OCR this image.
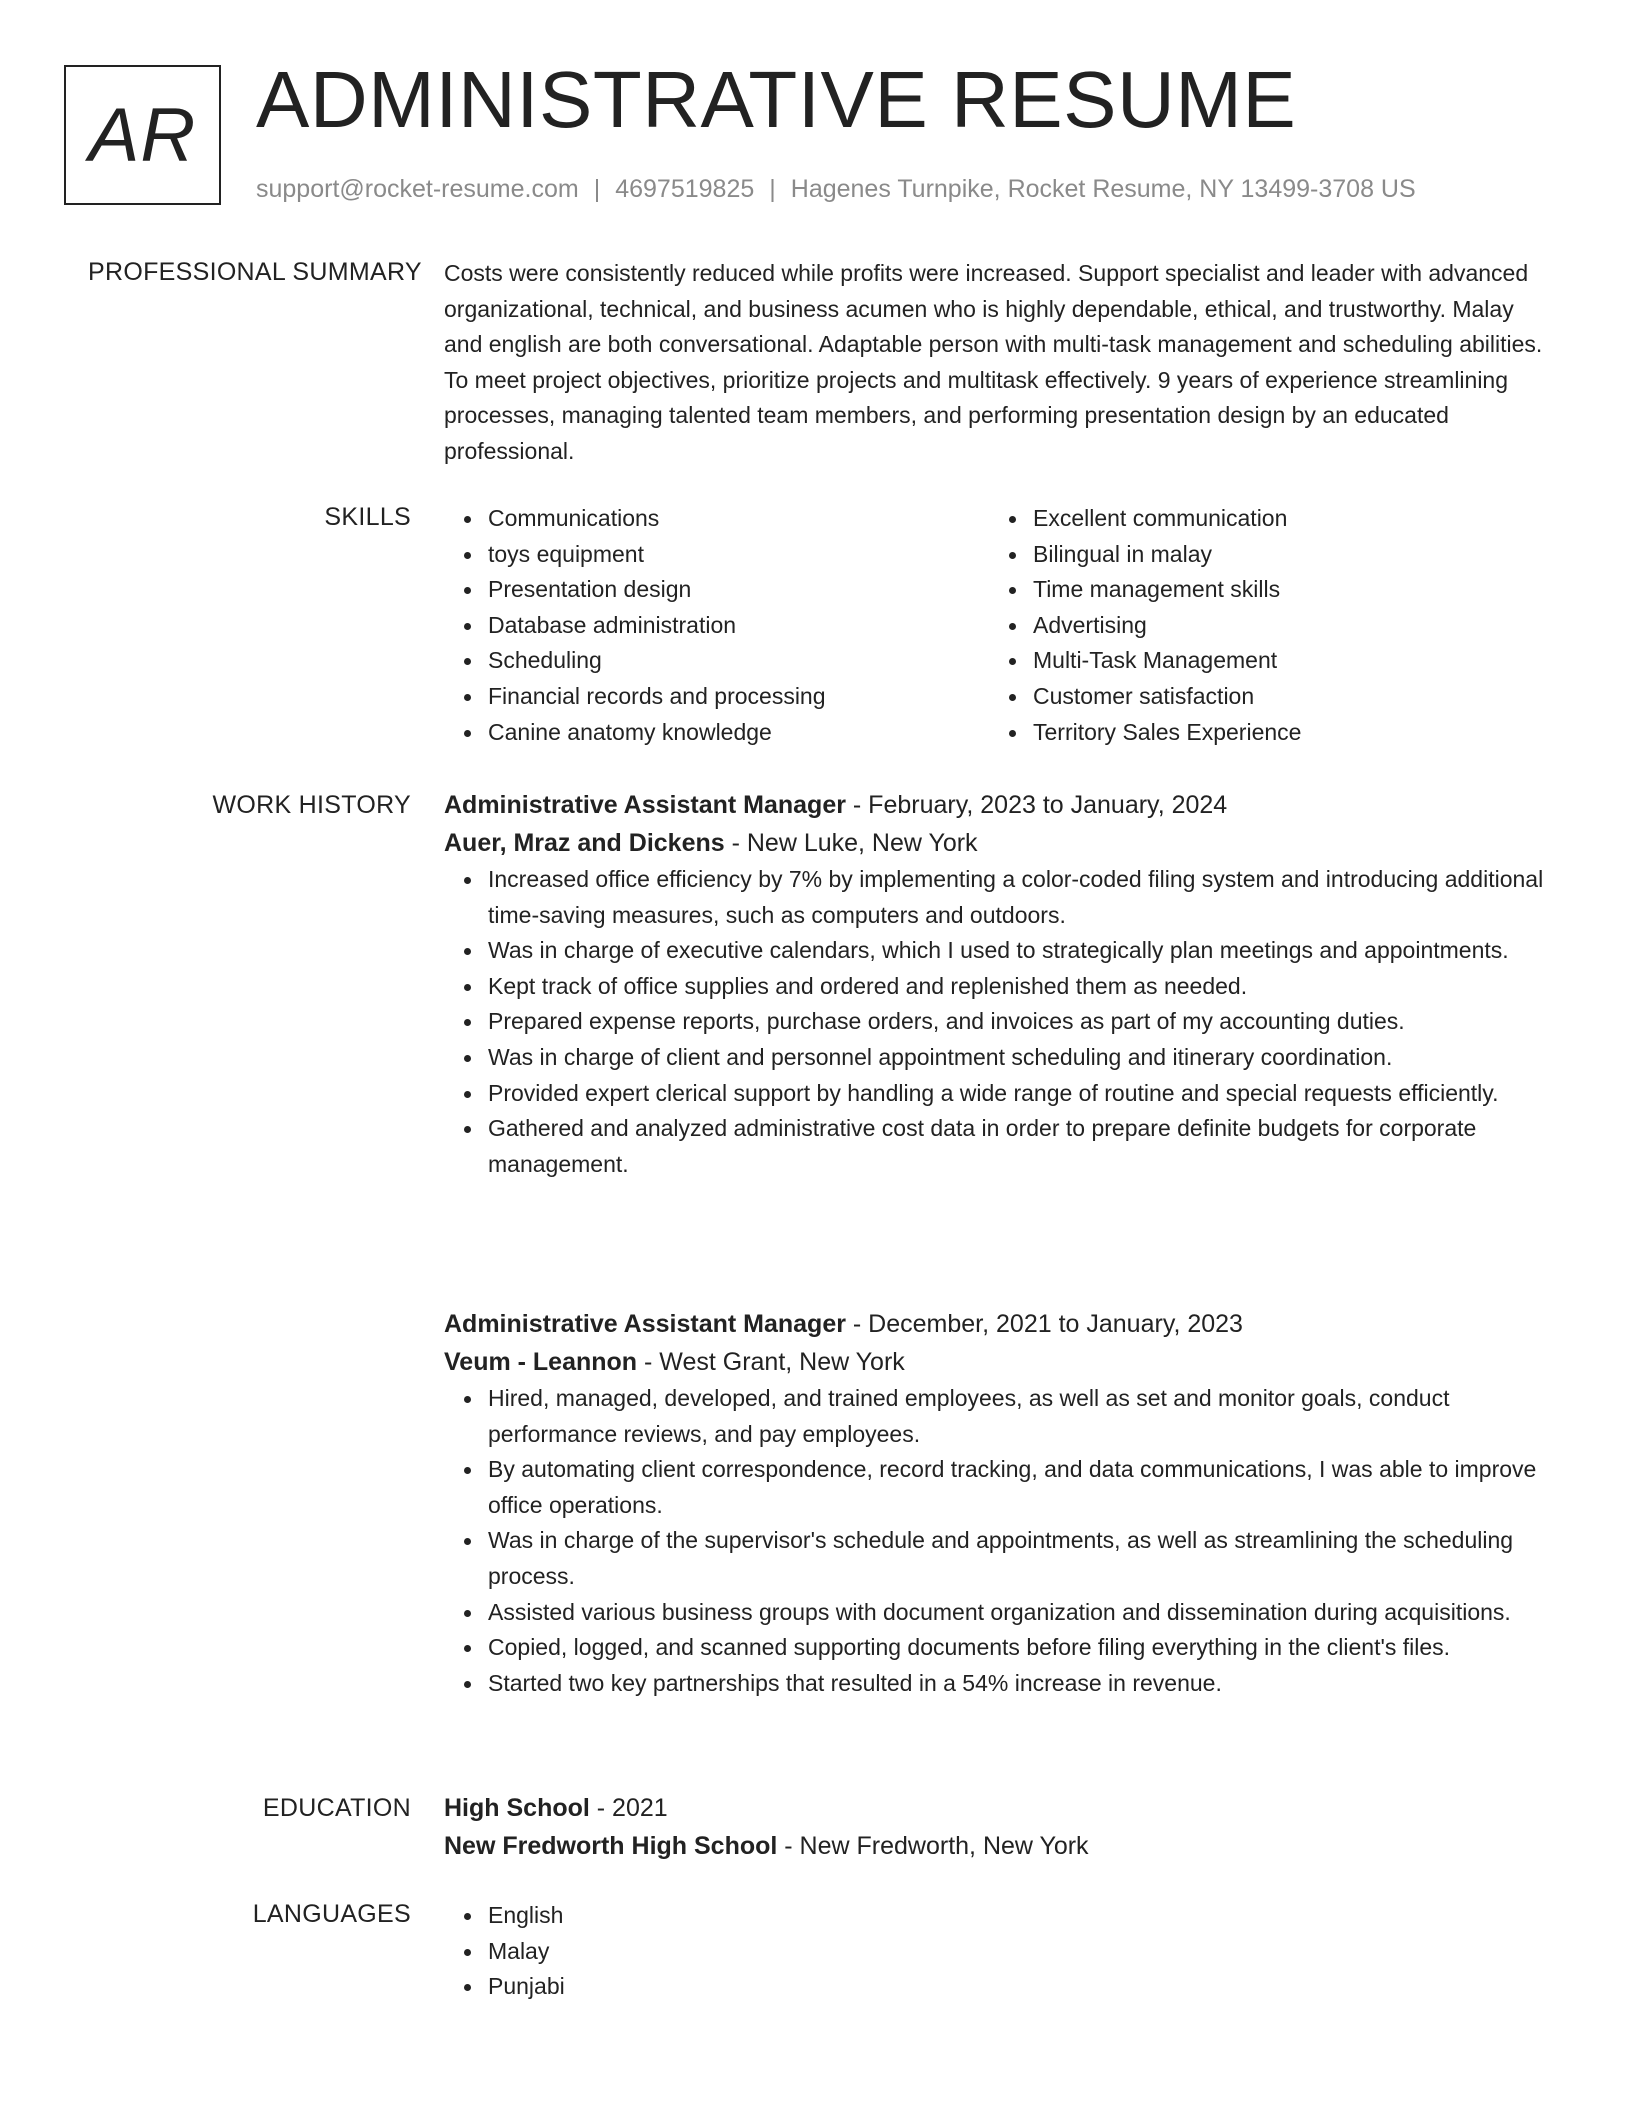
AR ADMINISTRATIVE RESUME
support@rocket-resume.com | 4697519825 | Hagenes Turnpike, Rocket Resume, NY 13499-3708 US
PROFESSIONAL SUMMARY Costs were consistently reduced while profits were increased. Support specialist and leader with advanced organizational, technical, and business acumen who is highly dependable, ethical, and trustworthy. Malay and english are both conversational. Adaptable person with multi-task management and scheduling abilities. To meet project objectives, prioritize projects and multitask effectively. 9 years of experience streamlining processes, managing talented team members, and performing presentation design by an educated professional.

SKILLS	Communications
toys equipment
Presentation design
Database administration
Scheduling
Financial records and processing
Canine anatomy knowledge
Excellent communication
Bilingual in malay
Time management skills
Advertising
Multi-Task Management
Customer satisfaction
Territory Sales Experience
WORK HISTORY Administrative Assistant Manager - February, 2023 to January, 2024
Auer, Mraz and Dickens - New Luke, New York
Increased office efficiency by 7% by implementing a color-coded filing system and introducing additional time-saving measures, such as computers and outdoors.
Was in charge of executive calendars, which I used to strategically plan meetings and appointments.
Kept track of office supplies and ordered and replenished them as needed.
Prepared expense reports, purchase orders, and invoices as part of my accounting duties.
Was in charge of client and personnel appointment scheduling and itinerary coordination.
Provided expert clerical support by handling a wide range of routine and special requests efficiently.
Gathered and analyzed administrative cost data in order to prepare definite budgets for corporate management.
Administrative Assistant Manager - December, 2021 to January, 2023
Veum - Leannon - West Grant, New York
Hired, managed, developed, and trained employees, as well as set and monitor goals, conduct performance reviews, and pay employees.
By automating client correspondence, record tracking, and data communications, I was able to improve office operations.
Was in charge of the supervisor's schedule and appointments, as well as streamlining the scheduling process.
Assisted various business groups with document organization and dissemination during acquisitions.
Copied, logged, and scanned supporting documents before filing everything in the client's files.
Started two key partnerships that resulted in a 54% increase in revenue.
EDUCATION High School - 2021
New Fredworth High School - New Fredworth, New York
LANGUAGES	English
Malay
Punjabi
